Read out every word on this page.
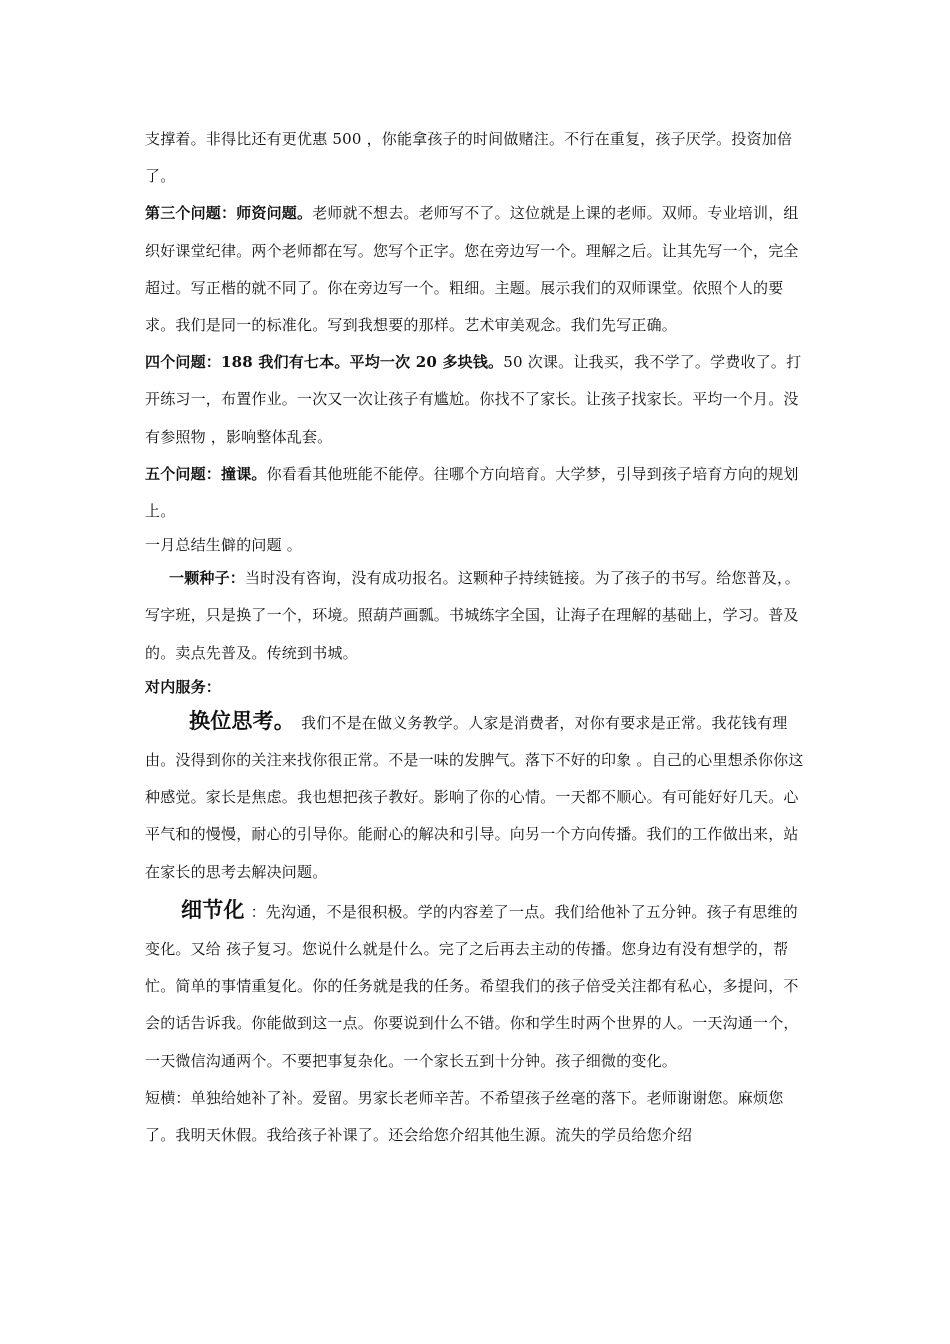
支撑着。非得比还有更优惠 500 ，你能拿孩子的时间做赌注。不行在重复，孩子厌学。投资加倍了。

第三个问题：师资问题。老师就不想去。老师写不了。这位就是上课的老师。双师。专业培训，组织好课堂纪律。两个老师都在写。您写个正字。您在旁边写一个。理解之后。让其先写一个，完全超过。写正楷的就不同了。你在旁边写一个。粗细。主题。展示我们的双师课堂。依照个人的要求。我们是同一的标准化。写到我想要的那样。艺术审美观念。我们先写正确。

四个问题：188 我们有七本。平均一次 20 多块钱。50 次课。让我买，我不学了。学费收了。打开练习一，布置作业。一次又一次让孩子有尴尬。你找不了家长。让孩子找家长。平均一个月。没有参照物 ，影响整体乱套。

五个问题：撞课。你看看其他班能不能停。往哪个方向培育。大学梦，引导到孩子培育方向的规划上。

一月总结生僻的问题 。

一颗种子：当时没有咨询，没有成功报名。这颗种子持续链接。为了孩子的书写。给您普及，。写字班，只是换了一个，环境。照葫芦画瓢。书城练字全国，让海子在理解的基础上，学习。普及的。卖点先普及。传统到书城。

对内服务：

换位思考。 我们不是在做义务教学。人家是消费者，对你有要求是正常。我花钱有理由。没得到你的关注来找你很正常。不是一味的发脾气。落下不好的印象 。自己的心里想杀你你这种感觉。家长是焦虑。我也想把孩子教好。影响了你的心情。一天都不顺心。有可能好好几天。心平气和的慢慢，耐心的引导你。能耐心的解决和引导。向另一个方向传播。我们的工作做出来，站在家长的思考去解决问题。

细节化 ：先沟通，不是很积极。学的内容差了一点。我们给他补了五分钟。孩子有思维的变化。又给 孩子复习。您说什么就是什么。完了之后再去主动的传播。您身边有没有想学的，帮忙。简单的事情重复化。你的任务就是我的任务。希望我们的孩子倍受关注都有私心，多提问，不会的话告诉我。你能做到这一点。你要说到什么不错。你和学生时两个世界的人。一天沟通一个，一天微信沟通两个。不要把事复杂化。一个家长五到十分钟。孩子细微的变化。

短横：单独给她补了补。爱留。男家长老师辛苦。不希望孩子丝毫的落下。老师谢谢您。麻烦您了。我明天休假。我给孩子补课了。还会给您介绍其他生源。流失的学员给您介绍
